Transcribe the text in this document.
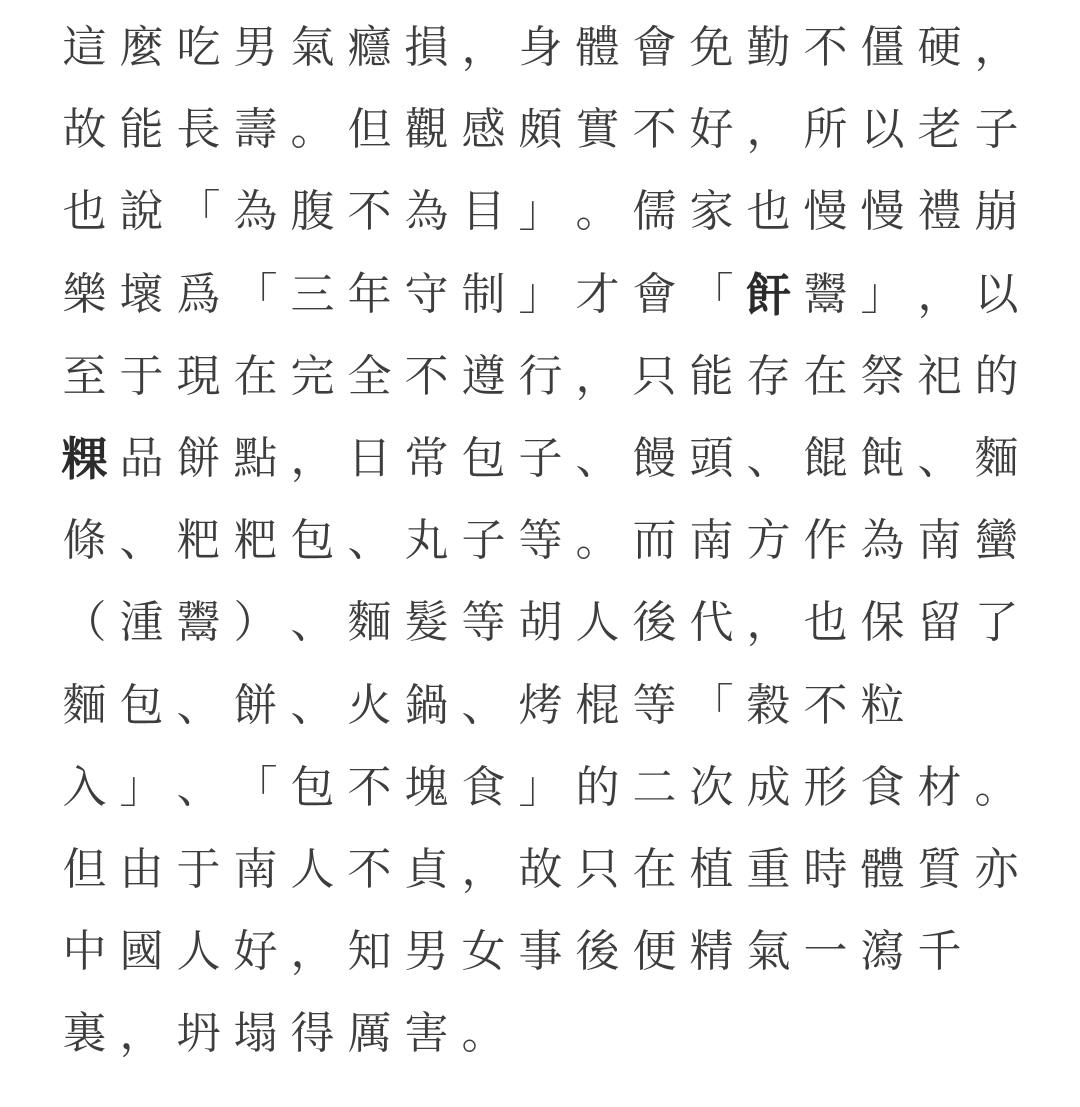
這 麼 吃 男 氣 癮 損 ， 身 體 會 免 勤 不 僵 硬 ，
故 能 長 壽 。 但 觀 感 頗 實 不 好 ， 所 以 老 子
也 說 「 為 腹 不 為 目 」 。 儒 家 也 慢 慢 禮 崩
樂 壞 爲 「 三 年 守 制 」 才 會 「 飦 鬻 」 ， 以
至 于 現 在 完 全 不 遵 行 ， 只 能 存 在 祭 祀 的
粿 品 餅 點 ， 日 常 包 子 、 饅 頭 、 餛 飩 、 麵
條 、 粑 粑 包 、 丸 子 等 。 而 南 方 作 為 南 蠻
（ 湩 鬻 ） 、 麵 髮 等 胡 人 後 代 ， 也 保 留 了
麵 包 、 餅 、 火 鍋 、 烤 棍 等 「 穀 不 粒
入 」 、 「 包 不 塊 食 」 的 二 次 成 形 食 材 。
但 由 于 南 人 不 貞 ， 故 只 在 植 重 時 體 質 亦
中 國 人 好 ， 知 男 女 事 後 便 精 氣 一 瀉 千
裏 ， 坍 塌 得 厲 害 。
